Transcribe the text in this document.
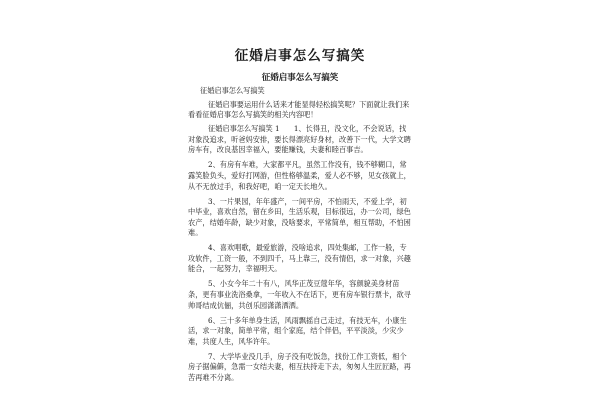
征婚启事怎么写搞笑
征婚启事怎么写搞笑

征婚启事怎么写搞笑

征婚启事要运用什么话来才能显得轻松搞笑呢？下面就让我们来看看征婚启事怎么写搞笑的相关内容吧！

征婚启事怎么写搞笑 1　　1、长得丑，没文化，不会说话，找对象没追求，听爸妈安排，要长得漂亮好身材，改善下一代，大学文聘房车有，改良基因幸福入，要能赚钱，夫妻和睦百事吉。

2、有房有车难，大家都平凡，虽然工作没有，钱不够糊口，常露笑脸负头，爱好打网游，但性格够温柔，爱人必不够，见女孩就上，从不无放过手，和我好吧，咱一定天长地久。

3、一片果园，年年盛产，一间平房，不怕雨天，不爱上学，初中毕业，喜欢自然，留在乡田，生活乐观，目标很远，办一公司，绿色农产，结婚年龄，缺少对象，没啥要求，平常简单，相互帮助，不怕困难。

4、喜欢唱歌，最爱旅游，没啥追求，四处集邮，工作一般，专攻软件，工资一般，不到四千，马上靠三，没有情侣，求一对象，兴趣能合，一起努力，幸福明天。

5、小女今年二十有八，风华正茂豆蔻年华，容颜貌美身材苗条，更有事业洗浴桑拿，一年收入不在话下，更有房车银行票卡，欲寻帅哥结成伉俪，共创乐园潇潇洒洒。

6、三十多年单身生活，风雨飘摇自己走过，有技无车，小康生活，求一对象，简单平常，组个家庭，结个伴侣，平平淡淡，少灾少难，共度人生，风华许年。

7、大学毕业没几手，房子没有吃饭急，找份工作工资低，相个房子据偏僻，急需一女结夫妻，相互扶持走下去，匆匆人生匠匠路，再苦再难不分离。
